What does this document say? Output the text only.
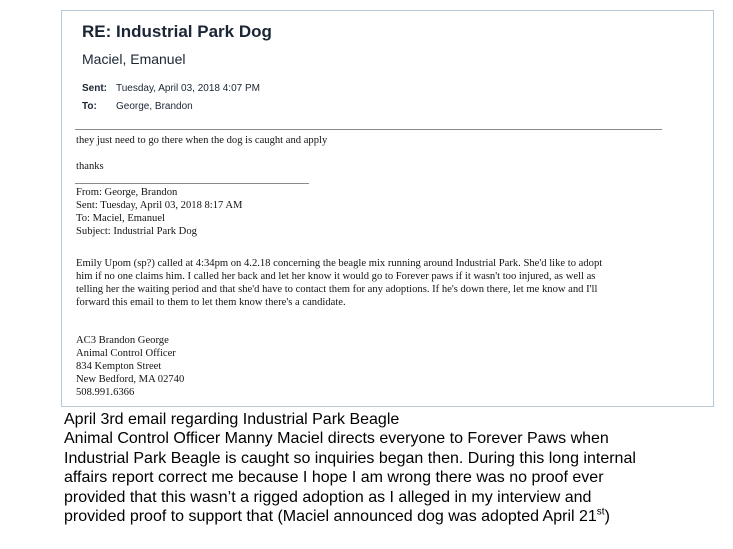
RE: Industrial Park Dog
Maciel, Emanuel
Sent: Tuesday, April 03, 2018 4:07 PM
To: George, Brandon
they just need to go there when the dog is caught and apply
thanks
From: George, Brandon
Sent: Tuesday, April 03, 2018 8:17 AM
To: Maciel, Emanuel
Subject: Industrial Park Dog
Emily Upom (sp?) called at 4:34pm on 4.2.18 concerning the beagle mix running around Industrial Park. She'd like to adopt
him if no one claims him. I called her back and let her know it would go to Forever paws if it wasn't too injured, as well as
telling her the waiting period and that she'd have to contact them for any adoptions. If he's down there, let me know and I'll
forward this email to them to let them know there's a candidate.
AC3 Brandon George
Animal Control Officer
834 Kempton Street
New Bedford, MA 02740
508.991.6366
April 3rd email regarding Industrial Park Beagle
Animal Control Officer Manny Maciel directs everyone to Forever Paws when
Industrial Park Beagle is caught so inquiries began then. During this long internal
affairs report correct me because I hope I am wrong there was no proof ever
provided that this wasn’t a rigged adoption as I alleged in my interview and
provided proof to support that (Maciel announced dog was adopted April 21st)
